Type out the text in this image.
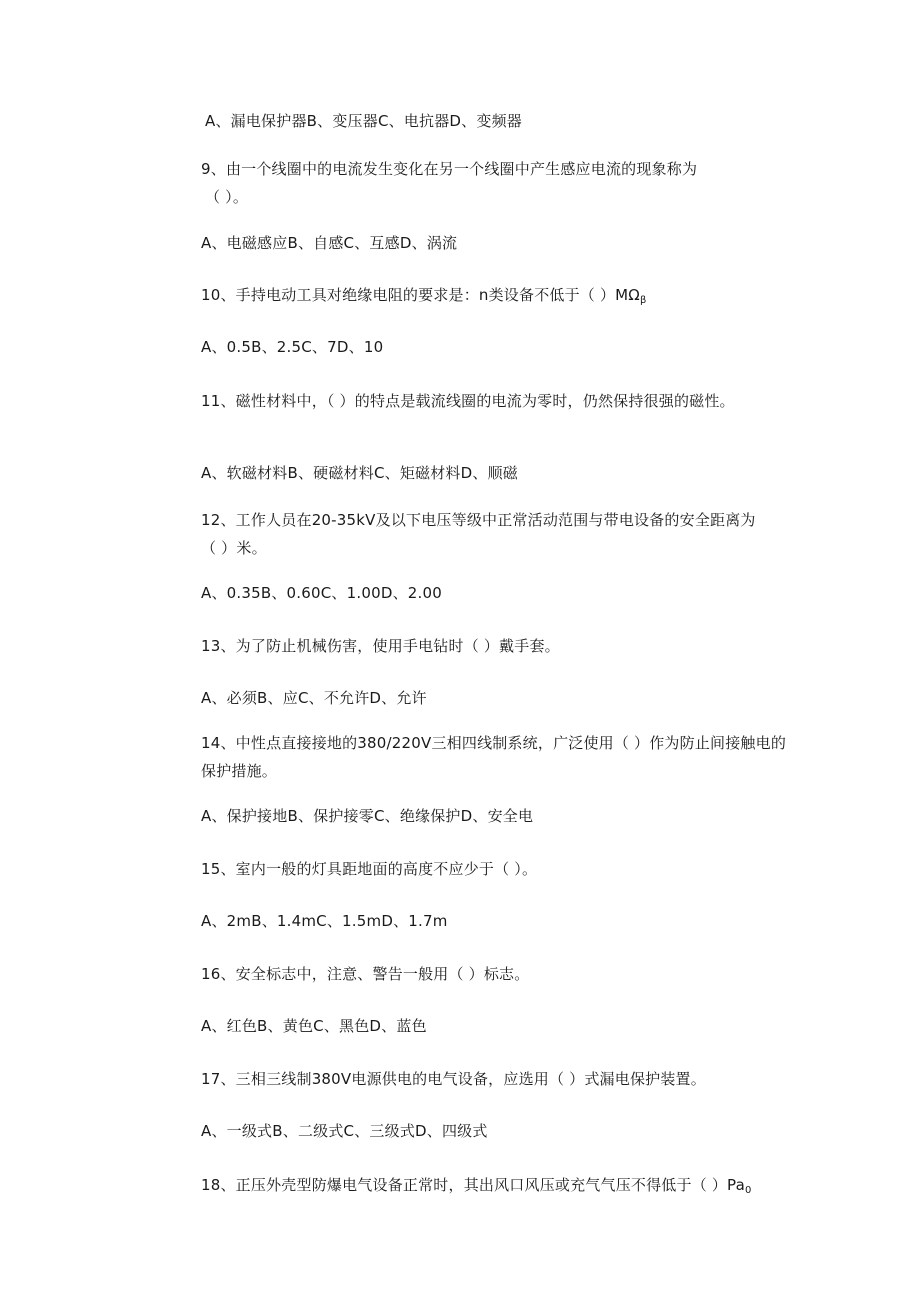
A、漏电保护器B、变压器C、电抗器D、变频器
9、由一个线圈中的电流发生变化在另一个线圈中产生感应电流的现象称为
（ ）。
A、电磁感应B、自感C、互感D、涡流
10、手持电动工具对绝缘电阻的要求是：n类设备不低于（ ）$M\Omega_\beta$
A、0.5B、2.5C、7D、10
11、磁性材料中，（ ）的特点是载流线圈的电流为零时，仍然保持很强的磁性。
A、软磁材料B、硬磁材料C、矩磁材料D、顺磁
12、工作人员在20-35kV及以下电压等级中正常活动范围与带电设备的安全距离为
（ ）米。
A、0.35B、0.60C、1.00D、2.00
13、为了防止机械伤害，使用手电钻时（ ）戴手套。
A、必须B、应C、不允许D、允许
14、中性点直接接地的380/220V三相四线制系统，广泛使用（ ）作为防止间接触电的
保护措施。
A、保护接地B、保护接零C、绝缘保护D、安全电
15、室内一般的灯具距地面的高度不应少于（ ）。
A、2mB、1.4mC、1.5mD、1.7m
16、安全标志中，注意、警告一般用（ ）标志。
A、红色B、黄色C、黑色D、蓝色
17、三相三线制380V电源供电的电气设备，应选用（ ）式漏电保护装置。
A、一级式B、二级式C、三级式D、四级式
18、正压外壳型防爆电气设备正常时，其出风口风压或充气气压不得低于（ ）$Pa_0$
